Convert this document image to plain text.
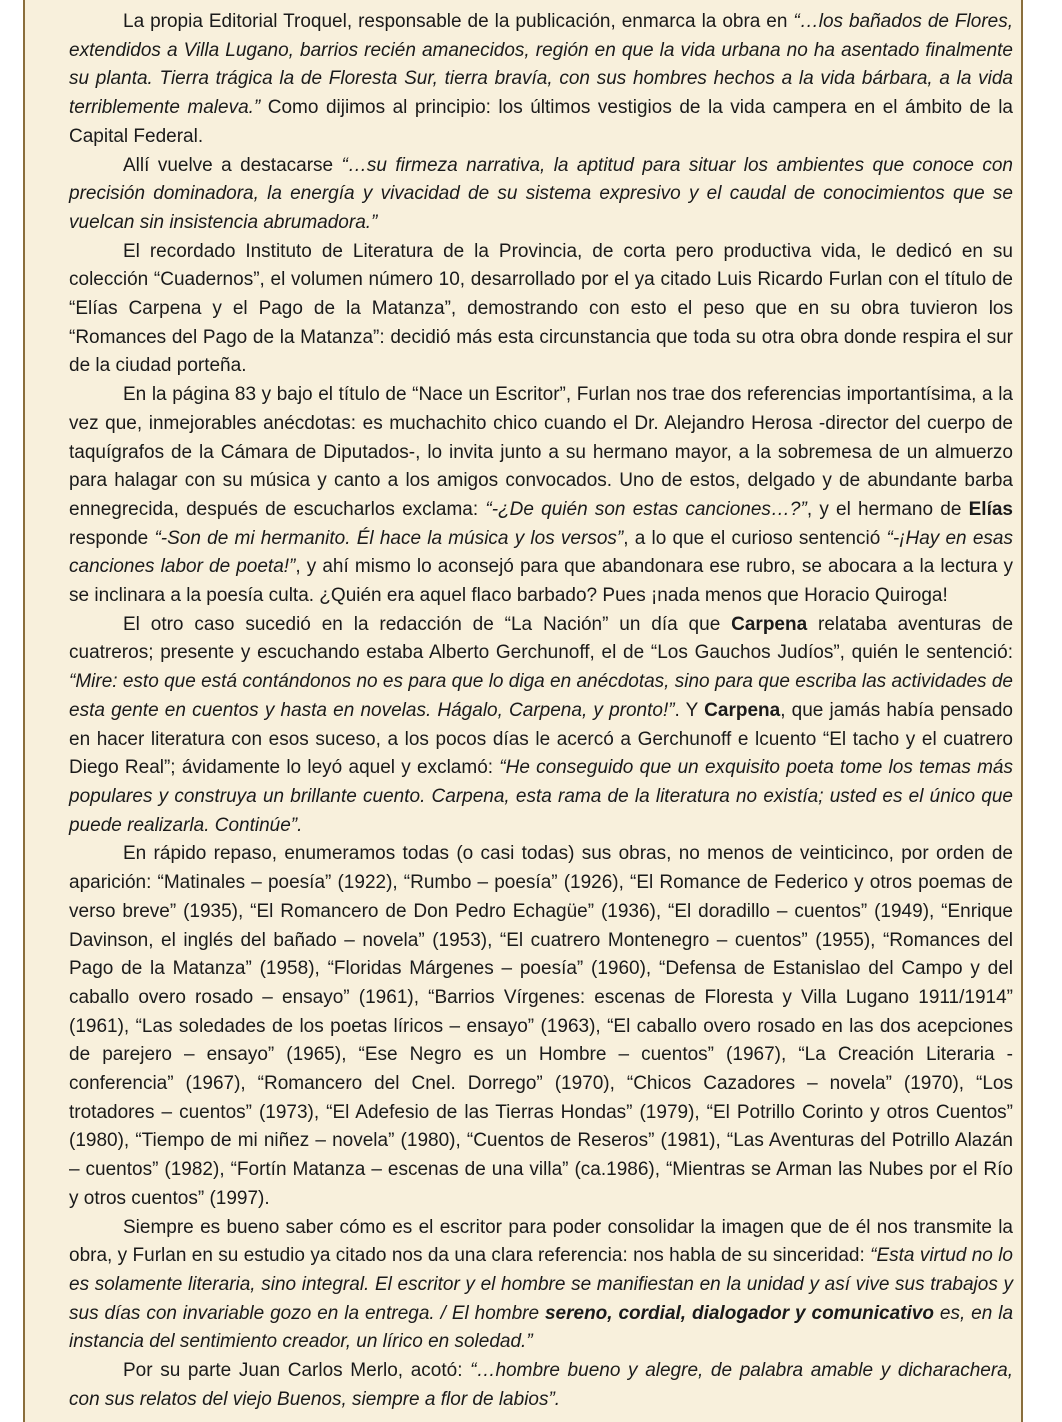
La propia Editorial Troquel, responsable de la publicación, enmarca la obra en “…los bañados de Flores, extendidos a Villa Lugano, barrios recién amanecidos, región en que la vida urbana no ha asentado finalmente su planta. Tierra trágica la de Floresta Sur, tierra bravía, con sus hombres hechos a la vida bárbara, a la vida terriblemente maleva.” Como dijimos al principio: los últimos vestigios de la vida campera en el ámbito de la Capital Federal.

Allí vuelve a destacarse “…su firmeza narrativa, la aptitud para situar los ambientes que conoce con precisión dominadora, la energía y vivacidad de su sistema expresivo y el caudal de conocimientos que se vuelcan sin insistencia abrumadora.”

El recordado Instituto de Literatura de la Provincia, de corta pero productiva vida, le dedicó en su colección “Cuadernos”, el volumen número 10, desarrollado por el ya citado Luis Ricardo Furlan con el título de “Elías Carpena y el Pago de la Matanza”, demostrando con esto el peso que en su obra tuvieron los “Romances del Pago de la Matanza”: decidió más esta circunstancia que toda su otra obra donde respira el sur de la ciudad porteña.

En la página 83 y bajo el título de “Nace un Escritor”, Furlan nos trae dos referencias importantísima, a la vez que, inmejorables anécdotas: es muchachito chico cuando el Dr. Alejandro Herosa -director del cuerpo de taquígrafos de la Cámara de Diputados-, lo invita junto a su hermano mayor, a la sobremesa de un almuerzo para halagar con su música y canto a los amigos convocados. Uno de estos, delgado y de abundante barba ennegrecida, después de escucharlos exclama: “-¿De quién son estas canciones…?”, y el hermano de Elías responde “-Son de mi hermanito. Él hace la música y los versos”, a lo que el curioso sentenció “-¡Hay en esas canciones labor de poeta!”, y ahí mismo lo aconsejó para que abandonara ese rubro, se abocara a la lectura y se inclinara a la poesía culta. ¿Quién era aquel flaco barbado? Pues ¡nada menos que Horacio Quiroga!

El otro caso sucedió en la redacción de “La Nación” un día que Carpena relataba aventuras de cuatreros; presente y escuchando estaba Alberto Gerchunoff, el de “Los Gauchos Judíos”, quién le sentenció: “Mire: esto que está contándonos no es para que lo diga en anécdotas, sino para que escriba las actividades de esta gente en cuentos y hasta en novelas. Hágalo, Carpena, y pronto!”. Y Carpena, que jamás había pensado en hacer literatura con esos suceso, a los pocos días le acercó a Gerchunoff e lcuento “El tacho y el cuatrero Diego Real”; ávidamente lo leyó aquel y exclamó: “He conseguido que un exquisito poeta tome los temas más populares y construya un brillante cuento. Carpena, esta rama de la literatura no existía; usted es el único que puede realizarla. Continúe”.

En rápido repaso, enumeramos todas (o casi todas) sus obras, no menos de veinticinco, por orden de aparición: “Matinales – poesía” (1922), “Rumbo – poesía” (1926), “El Romance de Federico y otros poemas de verso breve” (1935), “El Romancero de Don Pedro Echagüe” (1936), “El doradillo – cuentos” (1949), “Enrique Davinson, el inglés del bañado – novela” (1953), “El cuatrero Montenegro – cuentos” (1955), “Romances del Pago de la Matanza” (1958), “Floridas Márgenes – poesía” (1960), “Defensa de Estanislao del Campo y del caballo overo rosado – ensayo” (1961), “Barrios Vírgenes: escenas de Floresta y Villa Lugano 1911/1914” (1961), “Las soledades de los poetas líricos – ensayo” (1963), “El caballo overo rosado en las dos acepciones de parejero – ensayo” (1965), “Ese Negro es un Hombre – cuentos” (1967), “La Creación Literaria - conferencia” (1967), “Romancero del Cnel. Dorrego” (1970), “Chicos Cazadores – novela” (1970), “Los trotadores – cuentos” (1973), “El Adefesio de las Tierras Hondas” (1979), “El Potrillo Corinto y otros Cuentos” (1980), “Tiempo de mi niñez – novela” (1980), “Cuentos de Reseros” (1981), “Las Aventuras del Potrillo Alazán – cuentos” (1982), “Fortín Matanza – escenas de una villa” (ca.1986), “Mientras se Arman las Nubes por el Río y otros cuentos” (1997).

Siempre es bueno saber cómo es el escritor para poder consolidar la imagen que de él nos transmite la obra, y Furlan en su estudio ya citado nos da una clara referencia: nos habla de su sinceridad: “Esta virtud no lo es solamente literaria, sino integral. El escritor y el hombre se manifiestan en la unidad y así vive sus trabajos y sus días con invariable gozo en la entrega. / El hombre sereno, cordial, dialogador y comunicativo es, en la instancia del sentimiento creador, un lírico en soledad.”

Por su parte Juan Carlos Merlo, acotó: “…hombre bueno y alegre, de palabra amable y dicharachera, con sus relatos del viejo Buenos, siempre a flor de labios”.
